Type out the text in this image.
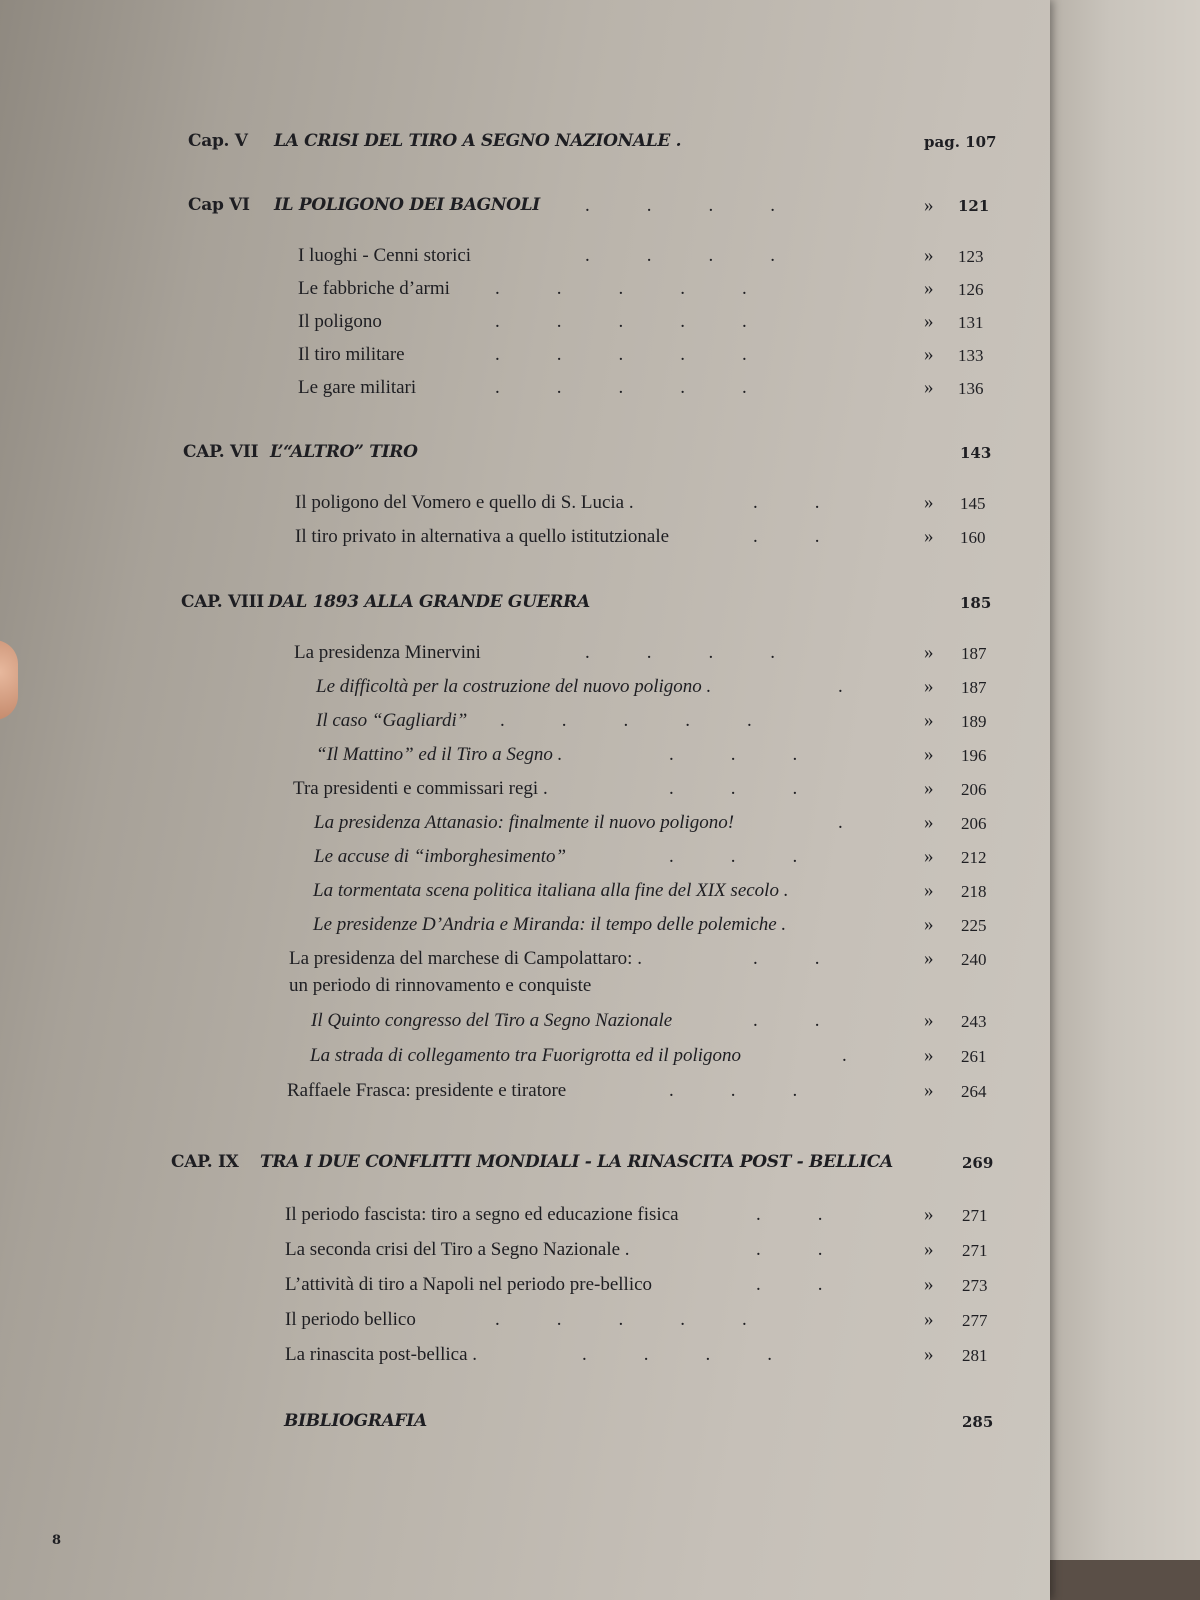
Cap. V LA CRISI DEL TIRO A SEGNO NAZIONALE .	pag. 107
Cap VI IL POLIGONO DEI BAGNOLI .            .            .            .	» 121
I luoghi - Cenni storici	.            .            .            .	» 123
Le fabbriche d’armi .            .            .            .            .	» 126
Il poligono	.            .            .            .            .	» 131
Il tiro militare	.            .            .            .            .	» 133
Le gare militari	.            .            .            .            .	» 136
CAP. VII L’“ALTRO” TIRO	143
Il poligono del Vomero e quello di S. Lucia .	.            .	» 145
Il tiro privato in alternativa a quello istitutzionale	.            .	» 160
CAP. VIII DAL 1893 ALLA GRANDE GUERRA	185
La presidenza Minervini	.            .            .            .	» 187
Le difficoltà per la costruzione del nuovo poligono .	.	» 187
Il caso “Gagliardi” .            .            .            .            .	» 189
“Il Mattino” ed il Tiro a Segno .	.            .            .	» 196
Tra presidenti e commissari regi .	.            .            .	» 206
La presidenza Attanasio: finalmente il nuovo poligono!	.	» 206
Le accuse di “imborghesimento”	.            .            .	» 212
La tormentata scena politica italiana alla fine del XIX secolo .	» 218
Le presidenze D’Andria e Miranda: il tempo delle polemiche .	» 225
La presidenza del marchese di Campolattaro: .	.            .	» 240
un periodo di rinnovamento e conquiste
Il Quinto congresso del Tiro a Segno Nazionale	.            .	» 243
La strada di collegamento tra Fuorigrotta ed il poligono	.	» 261
Raffaele Frasca: presidente e tiratore	.            .            .	» 264
CAP. IX TRA I DUE CONFLITTI MONDIALI - LA RINASCITA POST - BELLICA	269
Il periodo fascista: tiro a segno ed educazione fisica	.            .	» 271
La seconda crisi del Tiro a Segno Nazionale .	.            .	» 271
L’attività di tiro a Napoli nel periodo pre-bellico	.            .	» 273
Il periodo bellico	.            .            .            .            .	» 277
La rinascita post-bellica .	.            .            .            .	» 281
BIBLIOGRAFIA	285
8
